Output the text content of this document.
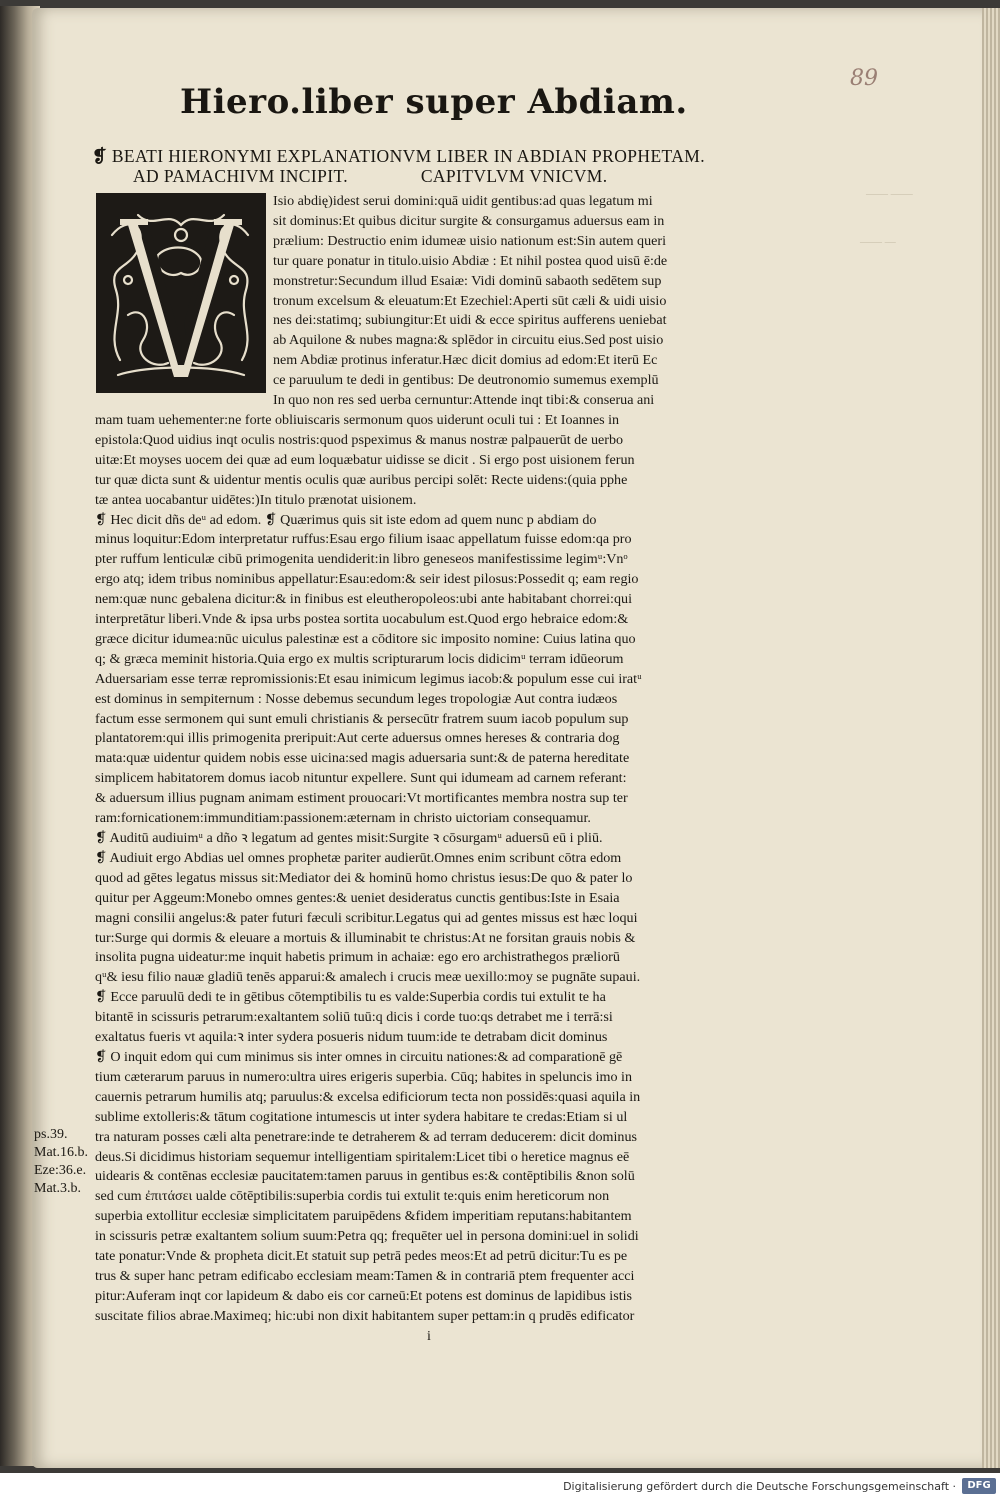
89
Hiero.liber super Abdiam.
❡ BEATI HIERONYMI EXPLANATIONVM LIBER IN ABDIAN PROPHETAM.
AD PAMACHIVM INCIPIT.	CAPITVLVM VNICVM.
Isio abdię)idest serui domini:quā uidit gentibus:ad quas legatum mi
sit dominus:Et quibus dicitur surgite & consurgamus aduersus eam in
prælium: Destructio enim idumeæ uisio nationum est:Sin autem queri
tur quare ponatur in titulo.uisio Abdiæ : Et nihil postea quod uisū ē:de
monstretur:Secundum illud Esaiæ: Vidi dominū sabaoth sedētem sup
tronum excelsum & eleuatum:Et Ezechiel:Aperti sūt cæli & uidi uisio
nes dei:statimq; subiungitur:Et uidi & ecce spiritus aufferens ueniebat
ab Aquilone & nubes magna:& splēdor in circuitu eius.Sed post uisio
nem Abdiæ protinus inferatur.Hæc dicit domius ad edom:Et iterū Ec
ce paruulum te dedi in gentibus: De deutronomio sumemus exemplū
In quo non res sed uerba cernuntur:Attende inqt tibi:& conserua ani
mam tuam uehementer:ne forte obliuiscaris sermonum quos uiderunt oculi tui : Et Ioannes in
epistola:Quod uidius inqt oculis nostris:quod pspeximus & manus nostræ palpauerūt de uerbo
uitæ:Et moyses uocem dei quæ ad eum loquæbatur uidisse se dicit . Si ergo post uisionem ferun
tur quæ dicta sunt & uidentur mentis oculis quæ auribus percipi solēt: Recte uidens:(quia pphe
tæ antea uocabantur uidētes:)In titulo prænotat uisionem.
❡ Hec dicit dñs deᵘ ad edom. ❡ Quærimus quis sit iste edom ad quem nunc p abdiam do
minus loquitur:Edom interpretatur ruffus:Esau ergo filium isaac appellatum fuisse edom:qa pro
pter ruffum lenticulæ cibū primogenita uendiderit:in libro geneseos manifestissime legimᵘ:Vnᵒ
ergo atq; idem tribus nominibus appellatur:Esau:edom:& seir idest pilosus:Possedit q; eam regio
nem:quæ nunc gebalena dicitur:& in finibus est eleutheropoleos:ubi ante habitabant chorrei:qui
interpretātur liberi.Vnde & ipsa urbs postea sortita uocabulum est.Quod ergo hebraice edom:&
græce dicitur idumea:nūc uiculus palestinæ est a cōditore sic imposito nomine: Cuius latina quo
q; & græca meminit historia.Quia ergo ex multis scripturarum locis didicimᵘ terram idūeorum
Aduersariam esse terræ repromissionis:Et esau inimicum legimus iacob:& populum esse cui iratᵘ
est dominus in sempiternum : Nosse debemus secundum leges tropologiæ Aut contra iudæos
factum esse sermonem qui sunt emuli christianis & persecūtr fratrem suum iacob populum sup
plantatorem:qui illis primogenita preripuit:Aut certe aduersus omnes hereses & contraria dog
mata:quæ uidentur quidem nobis esse uicina:sed magis aduersaria sunt:& de paterna hereditate
simplicem habitatorem domus iacob nituntur expellere. Sunt qui idumeam ad carnem referant:
& aduersum illius pugnam animam estiment prouocari:Vt mortificantes membra nostra sup ter
ram:fornicationem:immunditiam:passionem:æternam in christo uictoriam consequamur.
❡ Auditū audiuimᵘ a dño ꝛ legatum ad gentes misit:Surgite ꝛ cōsurgamᵘ aduersū eū i pliū.
❡ Audiuit ergo Abdias uel omnes prophetæ pariter audierūt.Omnes enim scribunt cōtra edom
quod ad gētes legatus missus sit:Mediator dei & hominū homo christus iesus:De quo & pater lo
quitur per Aggeum:Monebo omnes gentes:& ueniet desideratus cunctis gentibus:Iste in Esaia
magni consilii angelus:& pater futuri fæculi scribitur.Legatus qui ad gentes missus est hæc loqui
tur:Surge qui dormis & eleuare a mortuis & illuminabit te christus:At ne forsitan grauis nobis &
insolita pugna uideatur:me inquit habetis primum in achaiæ: ego ero archistrathegos præliorū
qᵘ& iesu filio nauæ gladiū tenēs apparui:& amalech i crucis meæ uexillo:moy se pugnāte supaui.
❡ Ecce paruulū dedi te in gētibus cōtemptibilis tu es valde:Superbia cordis tui extulit te ha
bitantē in scissuris petrarum:exaltantem soliū tuū:q dicis i corde tuo:qs detrabet me i terrā:si
exaltatus fueris vt aquila:ꝛ inter sydera posueris nidum tuum:ide te detrabam dicit dominus
❡ O inquit edom qui cum minimus sis inter omnes in circuitu nationes:& ad comparationē gē
tium cæterarum paruus in numero:ultra uires erigeris superbia. Cūq; habites in speluncis imo in
cauernis petrarum humilis atq; paruulus:& excelsa edificiorum tecta non possidēs:quasi aquila in
sublime extolleris:& tātum cogitatione intumescis ut inter sydera habitare te credas:Etiam si ul
tra naturam posses cæli alta penetrare:inde te detraherem & ad terram deducerem: dicit dominus
deus.Si dicidimus historiam sequemur intelligentiam spiritalem:Licet tibi o heretice magnus eē
uidearis & contēnas ecclesiæ paucitatem:tamen paruus in gentibus es:& contēptibilis &non solū
sed cum ἐπιτάσει ualde cōtēptibilis:superbia cordis tui extulit te:quis enim hereticorum non
superbia extollitur ecclesiæ simplicitatem paruipēdens &fidem imperitiam reputans:habitantem
in scissuris petræ exaltantem solium suum:Petra qq; frequēter uel in persona domini:uel in solidi
tate ponatur:Vnde & propheta dicit.Et statuit sup petrā pedes meos:Et ad petrū dicitur:Tu es pe
trus & super hanc petram edificabo ecclesiam meam:Tamen & in contrariā ptem frequenter acci
pitur:Auferam inqt cor lapideum & dabo eis cor carneū:Et potens est dominus de lapidibus istis
suscitate filios abrae.Maximeq; hic:ubi non dixit habitantem super pettam:in q prudēs edificator
i
ps.39.
Mat.16.b.
Eze:36.e.
Mat.3.b.
—— ——
—— —
Digitalisierung gefördert durch die Deutsche Forschungsgemeinschaft ·	DFG
